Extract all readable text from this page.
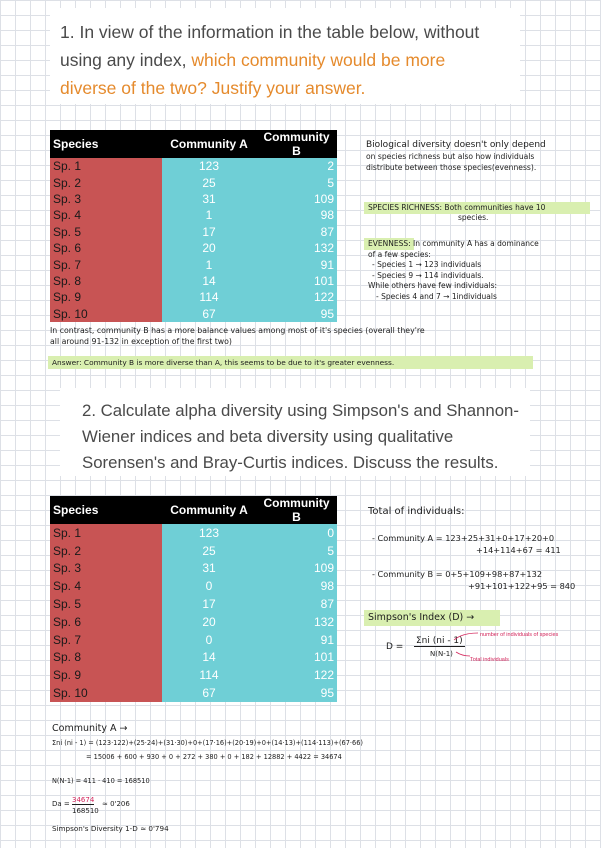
1. In view of the information in the table below, without
using any index, which community would be more
diverse of the two? Justify your answer.
Species	Community A	Community B
Sp. 1	123	2
Sp. 2	25	5
Sp. 3	31	109
Sp. 4	1	98
Sp. 5	17	87
Sp. 6	20	132
Sp. 7	1	91
Sp. 8	14	101
Sp. 9	114	122
Sp. 10	67	95
Biological diversity doesn't only depend
on species richness but also how individuals
distribute between those species(evenness).
SPECIES RICHNESS: Both communities have 10
species.
EVENNESS: In community A has a dominance
of a few species:
- Species 1 → 123 individuals
- Species 9 → 114 individuals.
While others have few individuals:
- Species 4 and 7 → 1individuals
In contrast, community B has a more balance values among most of it's species (overall they're
all around 91-132 in exception of the first two)
Answer: Community B is more diverse than A, this seems to be due to it's greater evenness.
2. Calculate alpha diversity using Simpson's and Shannon-
Wiener indices and beta diversity using qualitative
Sorensen's and Bray-Curtis indices. Discuss the results.
Species	Community A	Community B
Sp. 1	123	0
Sp. 2	25	5
Sp. 3	31	109
Sp. 4	0	98
Sp. 5	17	87
Sp. 6	20	132
Sp. 7	0	91
Sp. 8	14	101
Sp. 9	114	122
Sp. 10	67	95
Total of individuals:
- Community A = 123+25+31+0+17+20+0
+14+114+67 = 411
- Community B = 0+5+109+98+87+132
+91+101+122+95 = 840
Simpson's Index (D) →
D =
Σni (ni - 1)
N(N-1)
number of individuals of species
Total individuals
Community A →
Σni (ni - 1) = (123·122)+(25·24)+(31·30)+0+(17·16)+(20·19)+0+(14·13)+(114·113)+(67·66)
= 15006 + 600 + 930 + 0 + 272 + 380 + 0 + 182 + 12882 + 4422 = 34674
N(N-1) = 411 · 410 = 168510
Da = 34674
168510
≈ 0'206
Simpson's Diversity 1-D ≃ 0'794
